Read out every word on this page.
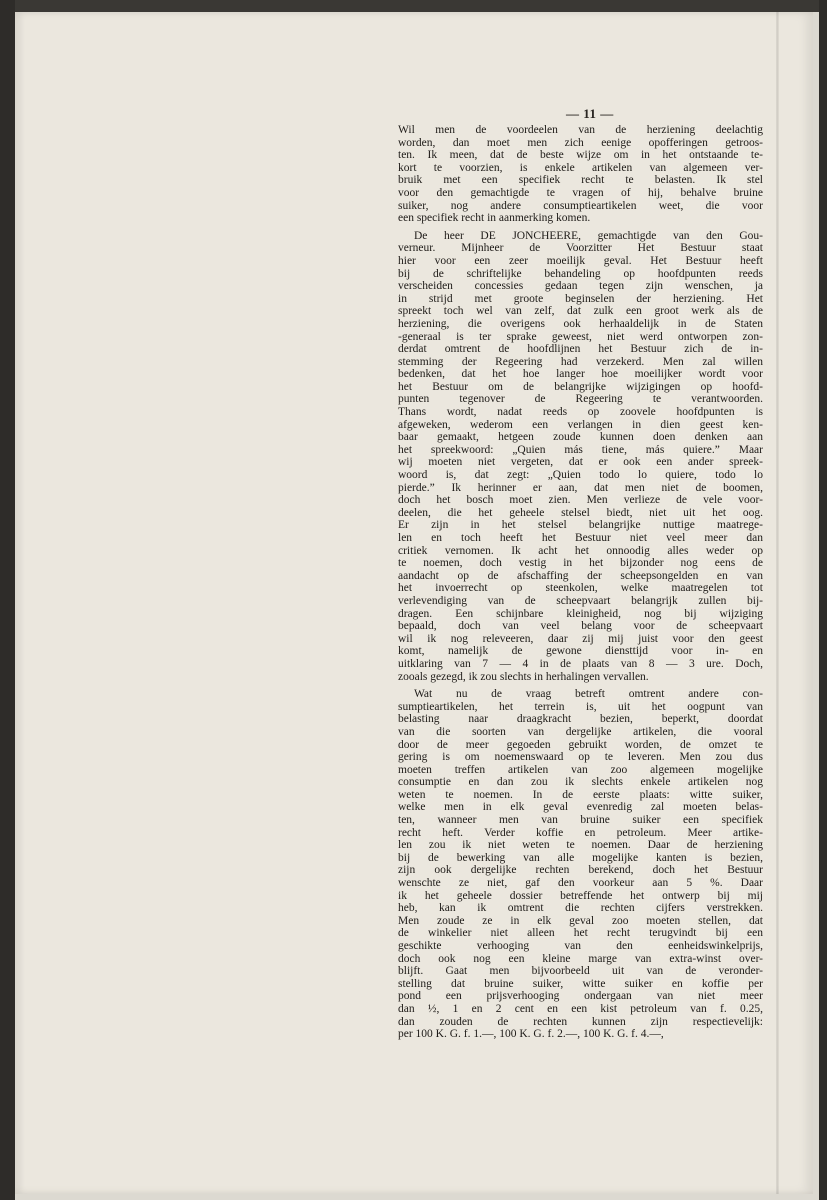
— 11 —
Wil men de voordeelen van de herziening deelachtig
worden, dan moet men zich eenige opofferingen getroos-
ten. Ik meen, dat de beste wijze om in het ontstaande te-
kort te voorzien, is enkele artikelen van algemeen ver-
bruik met een specifiek recht te belasten. Ik stel
voor den gemachtigde te vragen of hij, behalve bruine
suiker, nog andere consumptieartikelen weet, die voor
een specifiek recht in aanmerking komen.
De heer DE JONCHEERE, gemachtigde van den Gou-
verneur. Mijnheer de Voorzitter Het Bestuur staat
hier voor een zeer moeilijk geval. Het Bestuur heeft
bij de schriftelijke behandeling op hoofdpunten reeds
verscheiden concessies gedaan tegen zijn wenschen, ja
in strijd met groote beginselen der herziening. Het
spreekt toch wel van zelf, dat zulk een groot werk als de
herziening, die overigens ook herhaaldelijk in de Staten
-generaal is ter sprake geweest, niet werd ontworpen zon-
derdat omtrent de hoofdlijnen het Bestuur zich de in-
stemming der Regeering had verzekerd. Men zal willen
bedenken, dat het hoe langer hoe moeilijker wordt voor
het Bestuur om de belangrijke wijzigingen op hoofd-
punten tegenover de Regeering te verantwoorden.
Thans wordt, nadat reeds op zoovele hoofdpunten is
afgeweken, wederom een verlangen in dien geest ken-
baar gemaakt, hetgeen zoude kunnen doen denken aan
het spreekwoord: „Quien más tiene, más quiere.” Maar
wij moeten niet vergeten, dat er ook een ander spreek-
woord is, dat zegt: „Quien todo lo quiere, todo lo
pierde.” Ik herinner er aan, dat men niet de boomen,
doch het bosch moet zien. Men verlieze de vele voor-
deelen, die het geheele stelsel biedt, niet uit het oog.
Er zijn in het stelsel belangrijke nuttige maatrege-
len en toch heeft het Bestuur niet veel meer dan
critiek vernomen. Ik acht het onnoodig alles weder op
te noemen, doch vestig in het bijzonder nog eens de
aandacht op de afschaffing der scheepsongelden en van
het invoerrecht op steenkolen, welke maatregelen tot
verlevendiging van de scheepvaart belangrijk zullen bij-
dragen. Een schijnbare kleinigheid, nog bij wijziging
bepaald, doch van veel belang voor de scheepvaart
wil ik nog releveeren, daar zij mij juist voor den geest
komt, namelijk de gewone diensttijd voor in- en
uitklaring van 7 — 4 in de plaats van 8 — 3 ure. Doch,
zooals gezegd, ik zou slechts in herhalingen vervallen.
Wat nu de vraag betreft omtrent andere con-
sumptieartikelen, het terrein is, uit het oogpunt van
belasting naar draagkracht bezien, beperkt, doordat
van die soorten van dergelijke artikelen, die vooral
door de meer gegoeden gebruikt worden, de omzet te
gering is om noemenswaard op te leveren. Men zou dus
moeten treffen artikelen van zoo algemeen mogelijke
consumptie en dan zou ik slechts enkele artikelen nog
weten te noemen. In de eerste plaats: witte suiker,
welke men in elk geval evenredig zal moeten belas-
ten, wanneer men van bruine suiker een specifiek
recht heft. Verder koffie en petroleum. Meer artike-
len zou ik niet weten te noemen. Daar de herziening
bij de bewerking van alle mogelijke kanten is bezien,
zijn ook dergelijke rechten berekend, doch het Bestuur
wenschte ze niet, gaf den voorkeur aan 5 %. Daar
ik het geheele dossier betreffende het ontwerp bij mij
heb, kan ik omtrent die rechten cijfers verstrekken.
Men zoude ze in elk geval zoo moeten stellen, dat
de winkelier niet alleen het recht terugvindt bij een
geschikte verhooging van den eenheidswinkelprijs,
doch ook nog een kleine marge van extra-winst over-
blijft. Gaat men bijvoorbeeld uit van de veronder-
stelling dat bruine suiker, witte suiker en koffie per
pond een prijsverhooging ondergaan van niet meer
dan ½, 1 en 2 cent en een kist petroleum van f. 0.25,
dan zouden de rechten kunnen zijn respectievelijk:
per 100 K. G. f. 1.—, 100 K. G. f. 2.—, 100 K. G. f. 4.—,
